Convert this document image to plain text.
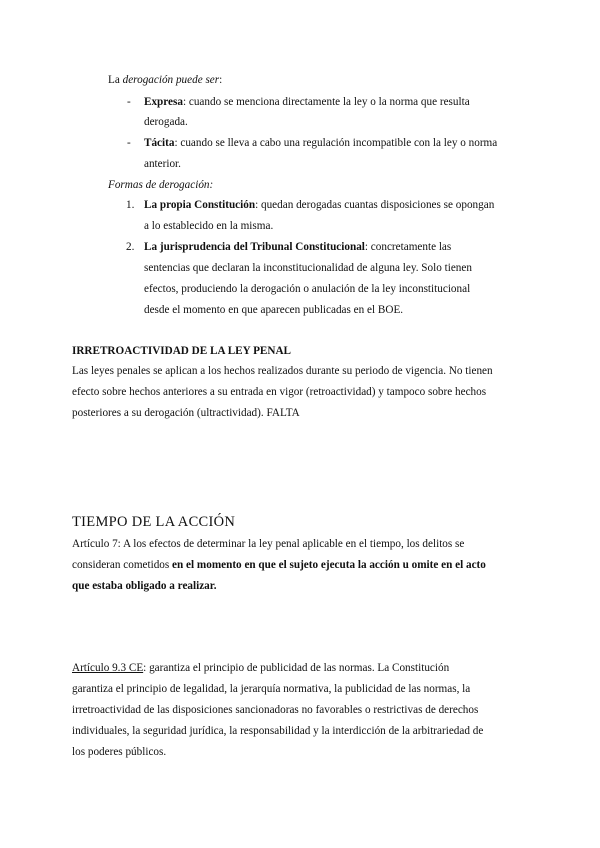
La derogación puede ser:
- Expresa: cuando se menciona directamente la ley o la norma que resulta
derogada.
- Tácita: cuando se lleva a cabo una regulación incompatible con la ley o norma
anterior.
Formas de derogación:
1. La propia Constitución: quedan derogadas cuantas disposiciones se opongan
a lo establecido en la misma.
2. La jurisprudencia del Tribunal Constitucional: concretamente las
sentencias que declaran la inconstitucionalidad de alguna ley. Solo tienen
efectos, produciendo la derogación o anulación de la ley inconstitucional
desde el momento en que aparecen publicadas en el BOE.
IRRETROACTIVIDAD DE LA LEY PENAL
Las leyes penales se aplican a los hechos realizados durante su periodo de vigencia. No tienen
efecto sobre hechos anteriores a su entrada en vigor (retroactividad) y tampoco sobre hechos
posteriores a su derogación (ultractividad). FALTA
TIEMPO DE LA ACCIÓN
Artículo 7: A los efectos de determinar la ley penal aplicable en el tiempo, los delitos se
consideran cometidos en el momento en que el sujeto ejecuta la acción u omite en el acto
que estaba obligado a realizar.
Artículo 9.3 CE: garantiza el principio de publicidad de las normas. La Constitución
garantiza el principio de legalidad, la jerarquía normativa, la publicidad de las normas, la
irretroactividad de las disposiciones sancionadoras no favorables o restrictivas de derechos
individuales, la seguridad jurídica, la responsabilidad y la interdicción de la arbitrariedad de
los poderes públicos.
